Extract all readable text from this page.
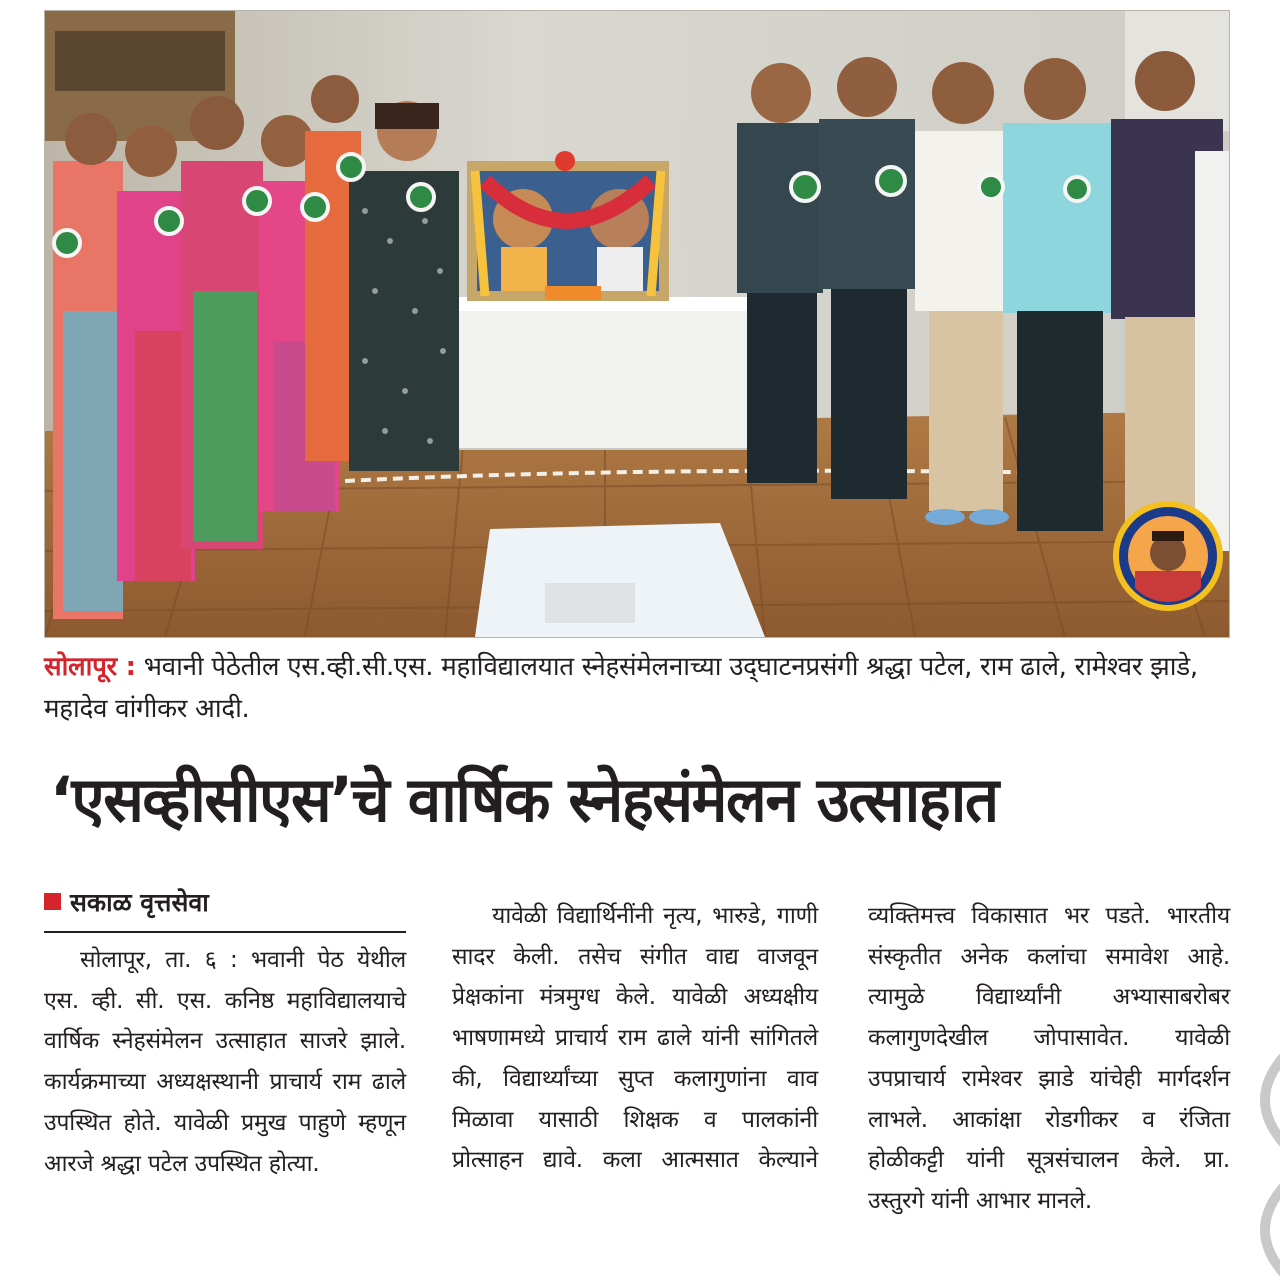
सोलापूर : भवानी पेठेतील एस.व्ही.सी.एस. महाविद्यालयात स्नेहसंमेलनाच्या उद्‌घाटनप्रसंगी श्रद्धा पटेल, राम ढाले, रामेश्वर झाडे, महादेव वांगीकर आदी.
‘एसव्हीसीएस’चे वार्षिक स्नेहसंमेलन उत्साहात
सकाळ वृत्तसेवा

सोलापूर, ता. ६ : भवानी पेठ येथील एस. व्ही. सी. एस. कनिष्ठ महाविद्यालयाचे वार्षिक स्नेहसंमेलन उत्साहात साजरे झाले. कार्यक्रमाच्या अध्यक्षस्थानी प्राचार्य राम ढाले उपस्थित होते. यावेळी प्रमुख पाहुणे म्हणून आरजे श्रद्धा पटेल उपस्थित होत्या.

यावेळी विद्यार्थिनींनी नृत्य, भारुडे, गाणी सादर केली. तसेच संगीत वाद्य वाजवून प्रेक्षकांना मंत्रमुग्ध केले. यावेळी अध्यक्षीय भाषणामध्ये प्राचार्य राम ढाले यांनी सांगितले की, विद्यार्थ्यांच्या सुप्त कलागुणांना वाव मिळावा यासाठी शिक्षक व पालकांनी प्रोत्साहन द्यावे. कला आत्मसात केल्याने

व्यक्तिमत्त्व विकासात भर पडते. भारतीय संस्कृतीत अनेक कलांचा समावेश आहे. त्यामुळे विद्यार्थ्यांनी अभ्यासाबरोबर कलागुणदेखील जोपासावेत. यावेळी उपप्राचार्य रामेश्वर झाडे यांचेही मार्गदर्शन लाभले. आकांक्षा रोडगीकर व रंजिता होळीकट्टी यांनी सूत्रसंचालन केले. प्रा. उस्तुरगे यांनी आभार मानले.
